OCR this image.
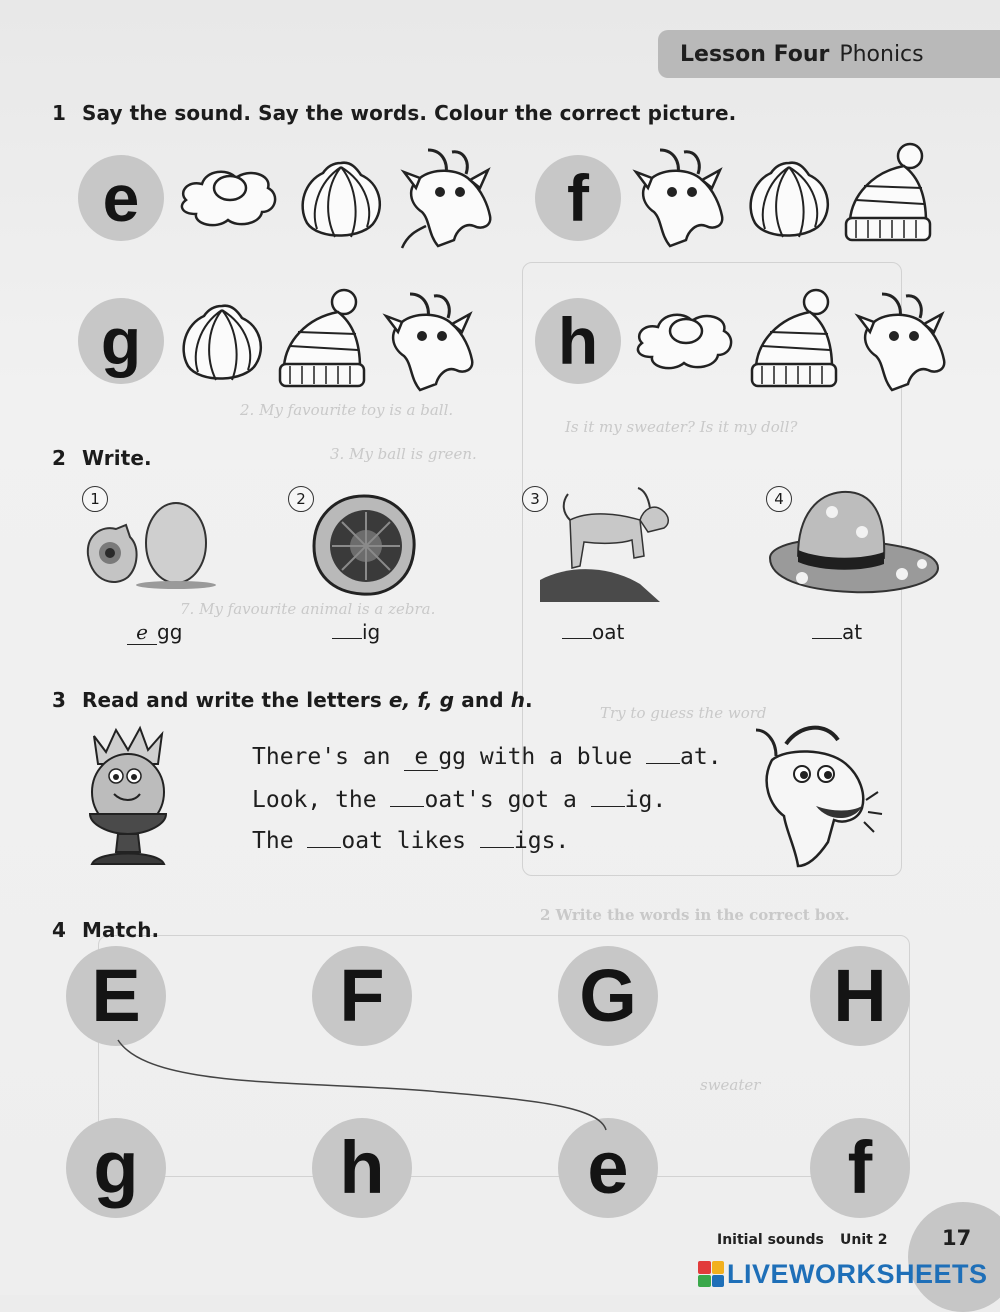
2. My favourite toy is a ball.
3. My ball is green.
7. My favourite animal is a zebra.
Is it my sweater? Is it my doll?
Try to guess the word
2 Write the words in the correct box.
sweater
Lesson Four Phonics
1 Say the sound. Say the words. Colour the correct picture.
e	f
g	h
2 Write.
1
e gg
2
ig
3
oat
4
at
3 Read and write the letters e, f, g and h.
There's an e gg with a blue at.
Look, the oat's got a ig.
The oat likes igs.
4 Match.
E	F	G	H
g	h	e	f
Initial sounds Unit 2	17
LIVEWORKSHEETS
